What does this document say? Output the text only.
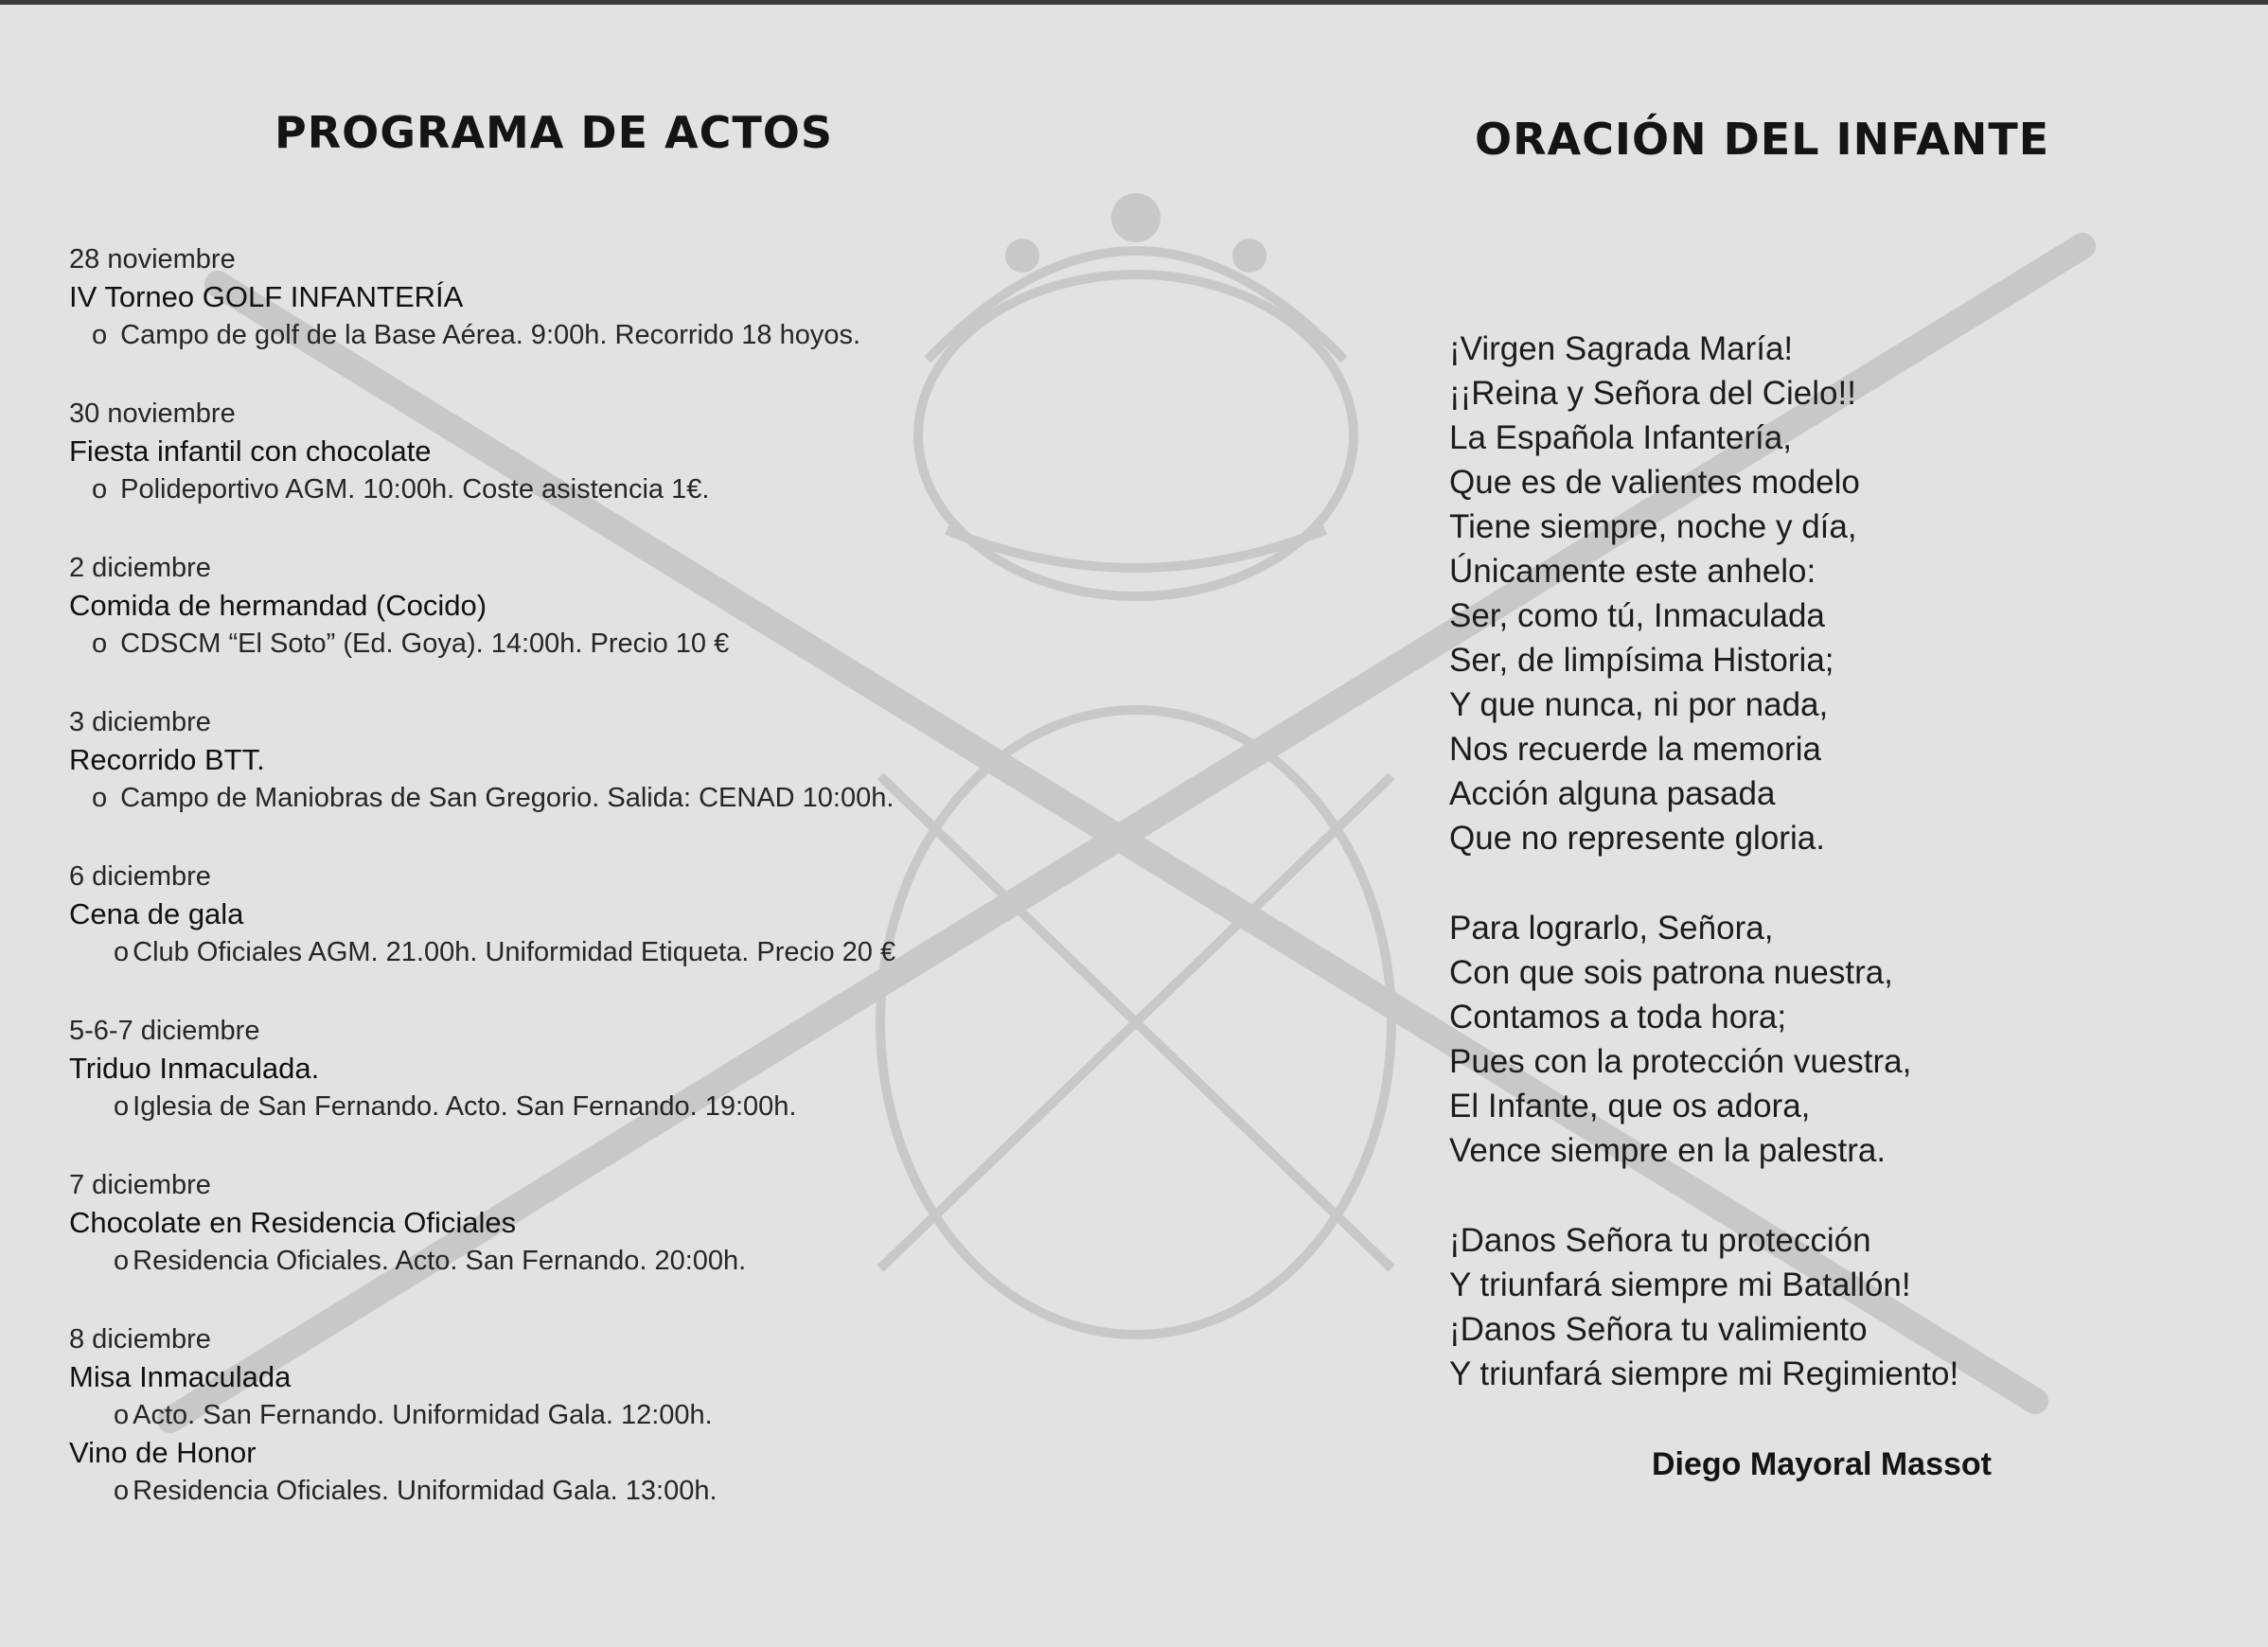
PROGRAMA DE ACTOS
28 noviembre
IV Torneo GOLF INFANTERÍA
o Campo de golf de la Base Aérea. 9:00h. Recorrido 18 hoyos.
30 noviembre
Fiesta infantil con chocolate
o Polideportivo AGM. 10:00h. Coste asistencia 1€.
2 diciembre
Comida de hermandad (Cocido)
o CDSCM “El Soto” (Ed. Goya). 14:00h. Precio 10 €
3 diciembre
Recorrido BTT.
o Campo de Maniobras de San Gregorio. Salida: CENAD 10:00h.
6 diciembre
Cena de gala
o Club Oficiales AGM. 21.00h. Uniformidad Etiqueta. Precio 20 €
5-6-7 diciembre
Triduo Inmaculada.
o Iglesia de San Fernando. Acto. San Fernando. 19:00h.
7 diciembre
Chocolate en Residencia Oficiales
o Residencia Oficiales. Acto. San Fernando. 20:00h.
8 diciembre
Misa Inmaculada
o Acto. San Fernando. Uniformidad Gala. 12:00h.
Vino de Honor
o Residencia Oficiales. Uniformidad Gala. 13:00h.
ORACIÓN DEL INFANTE
¡Virgen Sagrada María!
¡¡Reina y Señora del Cielo!!
La Española Infantería,
Que es de valientes modelo
Tiene siempre, noche y día,
Únicamente este anhelo:
Ser, como tú, Inmaculada
Ser, de limpísima Historia;
Y que nunca, ni por nada,
Nos recuerde la memoria
Acción alguna pasada
Que no represente gloria.
Para lograrlo, Señora,
Con que sois patrona nuestra,
Contamos a toda hora;
Pues con la protección vuestra,
El Infante, que os adora,
Vence siempre en la palestra.
¡Danos Señora tu protección
Y triunfará siempre mi Batallón!
¡Danos Señora tu valimiento
Y triunfará siempre mi Regimiento!
Diego Mayoral Massot
